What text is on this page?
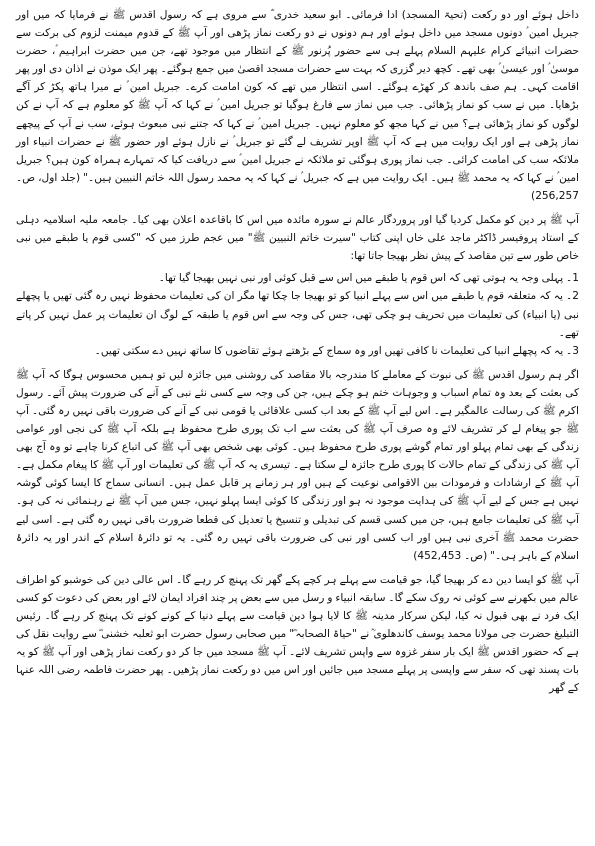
داخل ہوئے اور دو رکعت (تحیۃ المسجد) ادا فرمائی۔ ابو سعید خدری ؓ سے مروی ہے کہ رسول اقدس ﷺ نے فرمایا کہ میں اور جبریل امین ؑ دونوں مسجد میں داخل ہوئے اور ہم دونوں نے دو رکعت نماز پڑھی اور آپ ﷺ کے قدوم میمنت لزوم کی برکت سے حضرات انبیائے کرام علیہم السلام پہلے ہی سے حضور پُرنور ﷺ کے انتظار میں موجود تھے، جن میں حضرت ابراہیم ؑ، حضرت موسیٰ ؑ اور عیسیٰ ؑ بھی تھے۔ کچھ دیر گزری کہ بہت سے حضرات مسجد اقصیٰ میں جمع ہوگئے۔ پھر ایک موذن نے اذان دی اور پھر اقامت کہی۔ ہم صف باندھ کر کھڑے ہوگئے۔ اسی انتظار میں تھے کہ کون امامت کرے۔ جبریل امین ؑ نے میرا ہاتھ پکڑ کر آگے بڑھایا۔ میں نے سب کو نماز پڑھائی۔ جب میں نماز سے فارغ ہوگیا تو جبریل امین ؑ نے کہا کہ آپ ﷺ کو معلوم ہے کہ آپ نے کن لوگوں کو نماز پڑھائی ہے؟ میں نے کہا مجھ کو معلوم نہیں۔ جبریل امین ؑ نے کہا کہ جتنے نبی مبعوث ہوئے، سب نے آپ کے پیچھے نماز پڑھی ہے اور ایک روایت میں ہے کہ آپ ﷺ اوپر تشریف لے گئے تو جبریل ؑ نے نازل ہوئے اور حضور ﷺ نے حضرات انبیاء اور ملائکہ سب کی امامت کرائی۔ جب نماز پوری ہوگئی تو ملائکہ نے جبریل امین ؑ سے دریافت کیا کہ تمہارے ہمراہ کون ہیں؟ جبریل امین ؑ نے کہا کہ یہ محمد ﷺ ہیں۔ ایک روایت میں ہے کہ جبریل ؑ نے کہا کہ یہ محمد رسول اللہ خاتم النبیین ہیں۔" (جلد اول، ص۔ 256,257)

آپ ﷺ پر دین کو مکمل کردیا گیا اور پروردگار عالم نے سورہ مائدہ میں اس کا باقاعدہ اعلان بھی کیا۔ جامعہ ملیہ اسلامیہ دہلی کے استاد پروفیسر ڈاکٹر ماجد علی خاں اپنی کتاب "سیرت خاتم النبیین ﷺ" میں عجم طرز میں کہ "کسی قوم یا طبقے میں نبی خاص طور سے تین مقاصد کے پیش نظر بھیجا جاتا تھا:

1۔ پہلی وجہ یہ ہوتی تھی کہ اس قوم یا طبقے میں اس سے قبل کوئی اور نبی نہیں بھیجا گیا تھا۔

2۔ یہ کہ متعلقہ قوم یا طبقے میں اس سے پہلے انبیا کو تو بھیجا جا چکا تھا مگر ان کی تعلیمات محفوظ نہیں رہ گئی تھیں یا پچھلے نبی (یا انبیاء) کی تعلیمات میں تحریف ہو چکی تھی، جس کی وجہ سے اس قوم یا طبقہ کے لوگ ان تعلیمات پر عمل نہیں کر پاتے تھے۔

3۔ یہ کہ پچھلے انبیا کی تعلیمات نا کافی تھیں اور وہ سماج کے بڑھتے ہوئے تقاضوں کا ساتھ نہیں دے سکتی تھیں۔

اگر ہم رسول اقدس ﷺ کی نبوت کے معاملے کا مندرجہ بالا مقاصد کی روشنی میں جائزہ لیں تو ہمیں محسوس ہوگا کہ آپ ﷺ کی بعثت کے بعد وہ تمام اسباب و وجوہات ختم ہو چکے ہیں، جن کی وجہ سے کسی نئے نبی کے آنے کی ضرورت پیش آئے۔ رسول اکرم ﷺ کی رسالت عالمگیر ہے۔ اس لیے آپ ﷺ کے بعد اب کسی علاقائی یا قومی نبی کے آنے کی ضرورت باقی نہیں رہ گئی۔ آپ ﷺ جو پیغام لے کر تشریف لائے وہ صرف آپ ﷺ کی بعثت سے اب تک پوری طرح محفوظ ہے بلکہ آپ ﷺ کی نجی اور عوامی زندگی کے بھی تمام پہلو اور تمام گوشے پوری طرح محفوظ ہیں۔ کوئی بھی شخص بھی آپ ﷺ کی اتباع کرنا چاہے تو وہ آج بھی آپ ﷺ کی زندگی کے تمام حالات کا پوری طرح جائزہ لے سکتا ہے۔ تیسری یہ کہ آپ ﷺ کی تعلیمات اور آپ ﷺ کا پیغام مکمل ہے۔ آپ ﷺ کے ارشادات و فرمودات بین الاقوامی نوعیت کے ہیں اور ہر زمانے پر قابل عمل ہیں۔ انسانی سماج کا ایسا کوئی گوشہ نہیں ہے جس کے لیے آپ ﷺ کی ہدایت موجود نہ ہو اور زندگی کا کوئی ایسا پہلو نہیں، جس میں آپ ﷺ نے رہنمائی نہ کی ہو۔ آپ ﷺ کی تعلیمات جامع ہیں، جن میں کسی قسم کی تبدیلی و تنسیخ یا تعدیل کی قطعا ضرورت باقی نہیں رہ گئی ہے۔ اسی لیے حضرت محمد ﷺ آخری نبی ہیں اور اب کسی اور نبی کی ضرورت باقی نہیں رہ گئی۔ یہ تو دائرۂ اسلام کے اندر اور یہ دائرۂ اسلام کے باہر ہی۔" (ص۔ 452,453)

آپ ﷺ کو ایسا دین دے کر بھیجا گیا، جو قیامت سے پہلے ہر کچے پکے گھر تک پہنچ کر رہے گا۔ اس عالی دین کی خوشبو کو اطراف عالم میں بکھرنے سے کوئی نہ روک سکے گا۔ سابقہ انبیاء و رسل میں سے بعض پر چند افراد ایمان لائے اور بعض کی دعوت کو کسی ایک فرد نے بھی قبول نہ کیا، لیکن سرکار مدینہ ﷺ کا لایا ہوا دین قیامت سے پہلے دنیا کے کونے کونے تک پہنچ کر رہے گا۔ رئیس التبلیغ حضرت جی مولانا محمد یوسف کاندھلوی ؒ نے "حیاۃ الصحابہ ؓ" میں صحابی رسول حضرت ابو ثعلبہ خشنی ؓ سے روایت نقل کی ہے کہ حضور اقدس ﷺ ایک بار سفر غزوہ سے واپس تشریف لائے۔ آپ ﷺ مسجد میں جا کر دو رکعت نماز پڑھی اور آپ ﷺ کو یہ بات پسند تھی کہ سفر سے واپسی پر پہلے مسجد میں جائیں اور اس میں دو رکعت نماز پڑھیں۔ پھر حضرت فاطمہ رضی اللہ عنہا کے گھر
